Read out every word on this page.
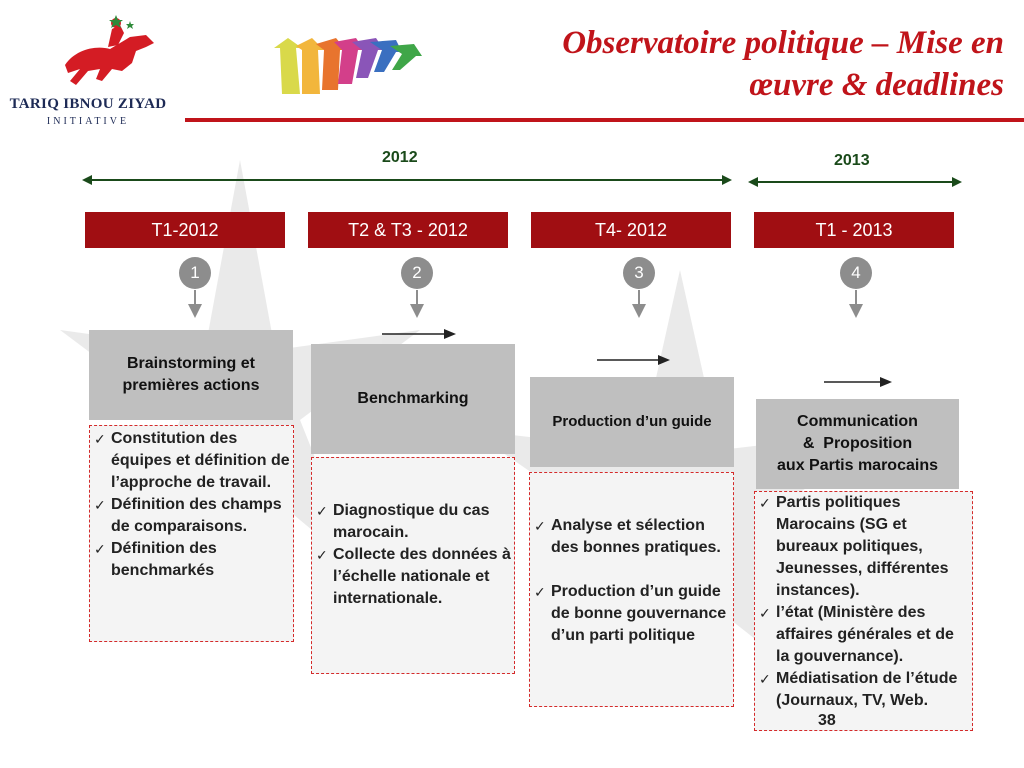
TARIQ IBNOU ZIYAD
INITIATIVE
Observatoire politique – Mise en
œuvre & deadlines
2012	2013
T1-2012	T2 & T3 - 2012	T4- 2012	T1 - 2013
1	2	3	4
Brainstorming et
premières actions
✓ Constitution des équipes et définition de l’approche de travail.
✓ Définition des champs de comparaisons.
✓ Définition des benchmarkés
Benchmarking
✓ Diagnostique du cas marocain.
✓ Collecte des données à l’échelle nationale et internationale.
Production d’un guide
✓ Analyse et sélection des bonnes pratiques.
✓ Production d’un guide de bonne gouvernance d’un parti politique
Communication
&  Proposition
aux Partis marocains
✓ Partis politiques Marocains (SG et bureaux politiques, Jeunesses, différentes instances).
✓ l’état (Ministère des affaires générales et de la gouvernance).
✓ Médiatisation de l’étude (Journaux, TV, Web.
38
